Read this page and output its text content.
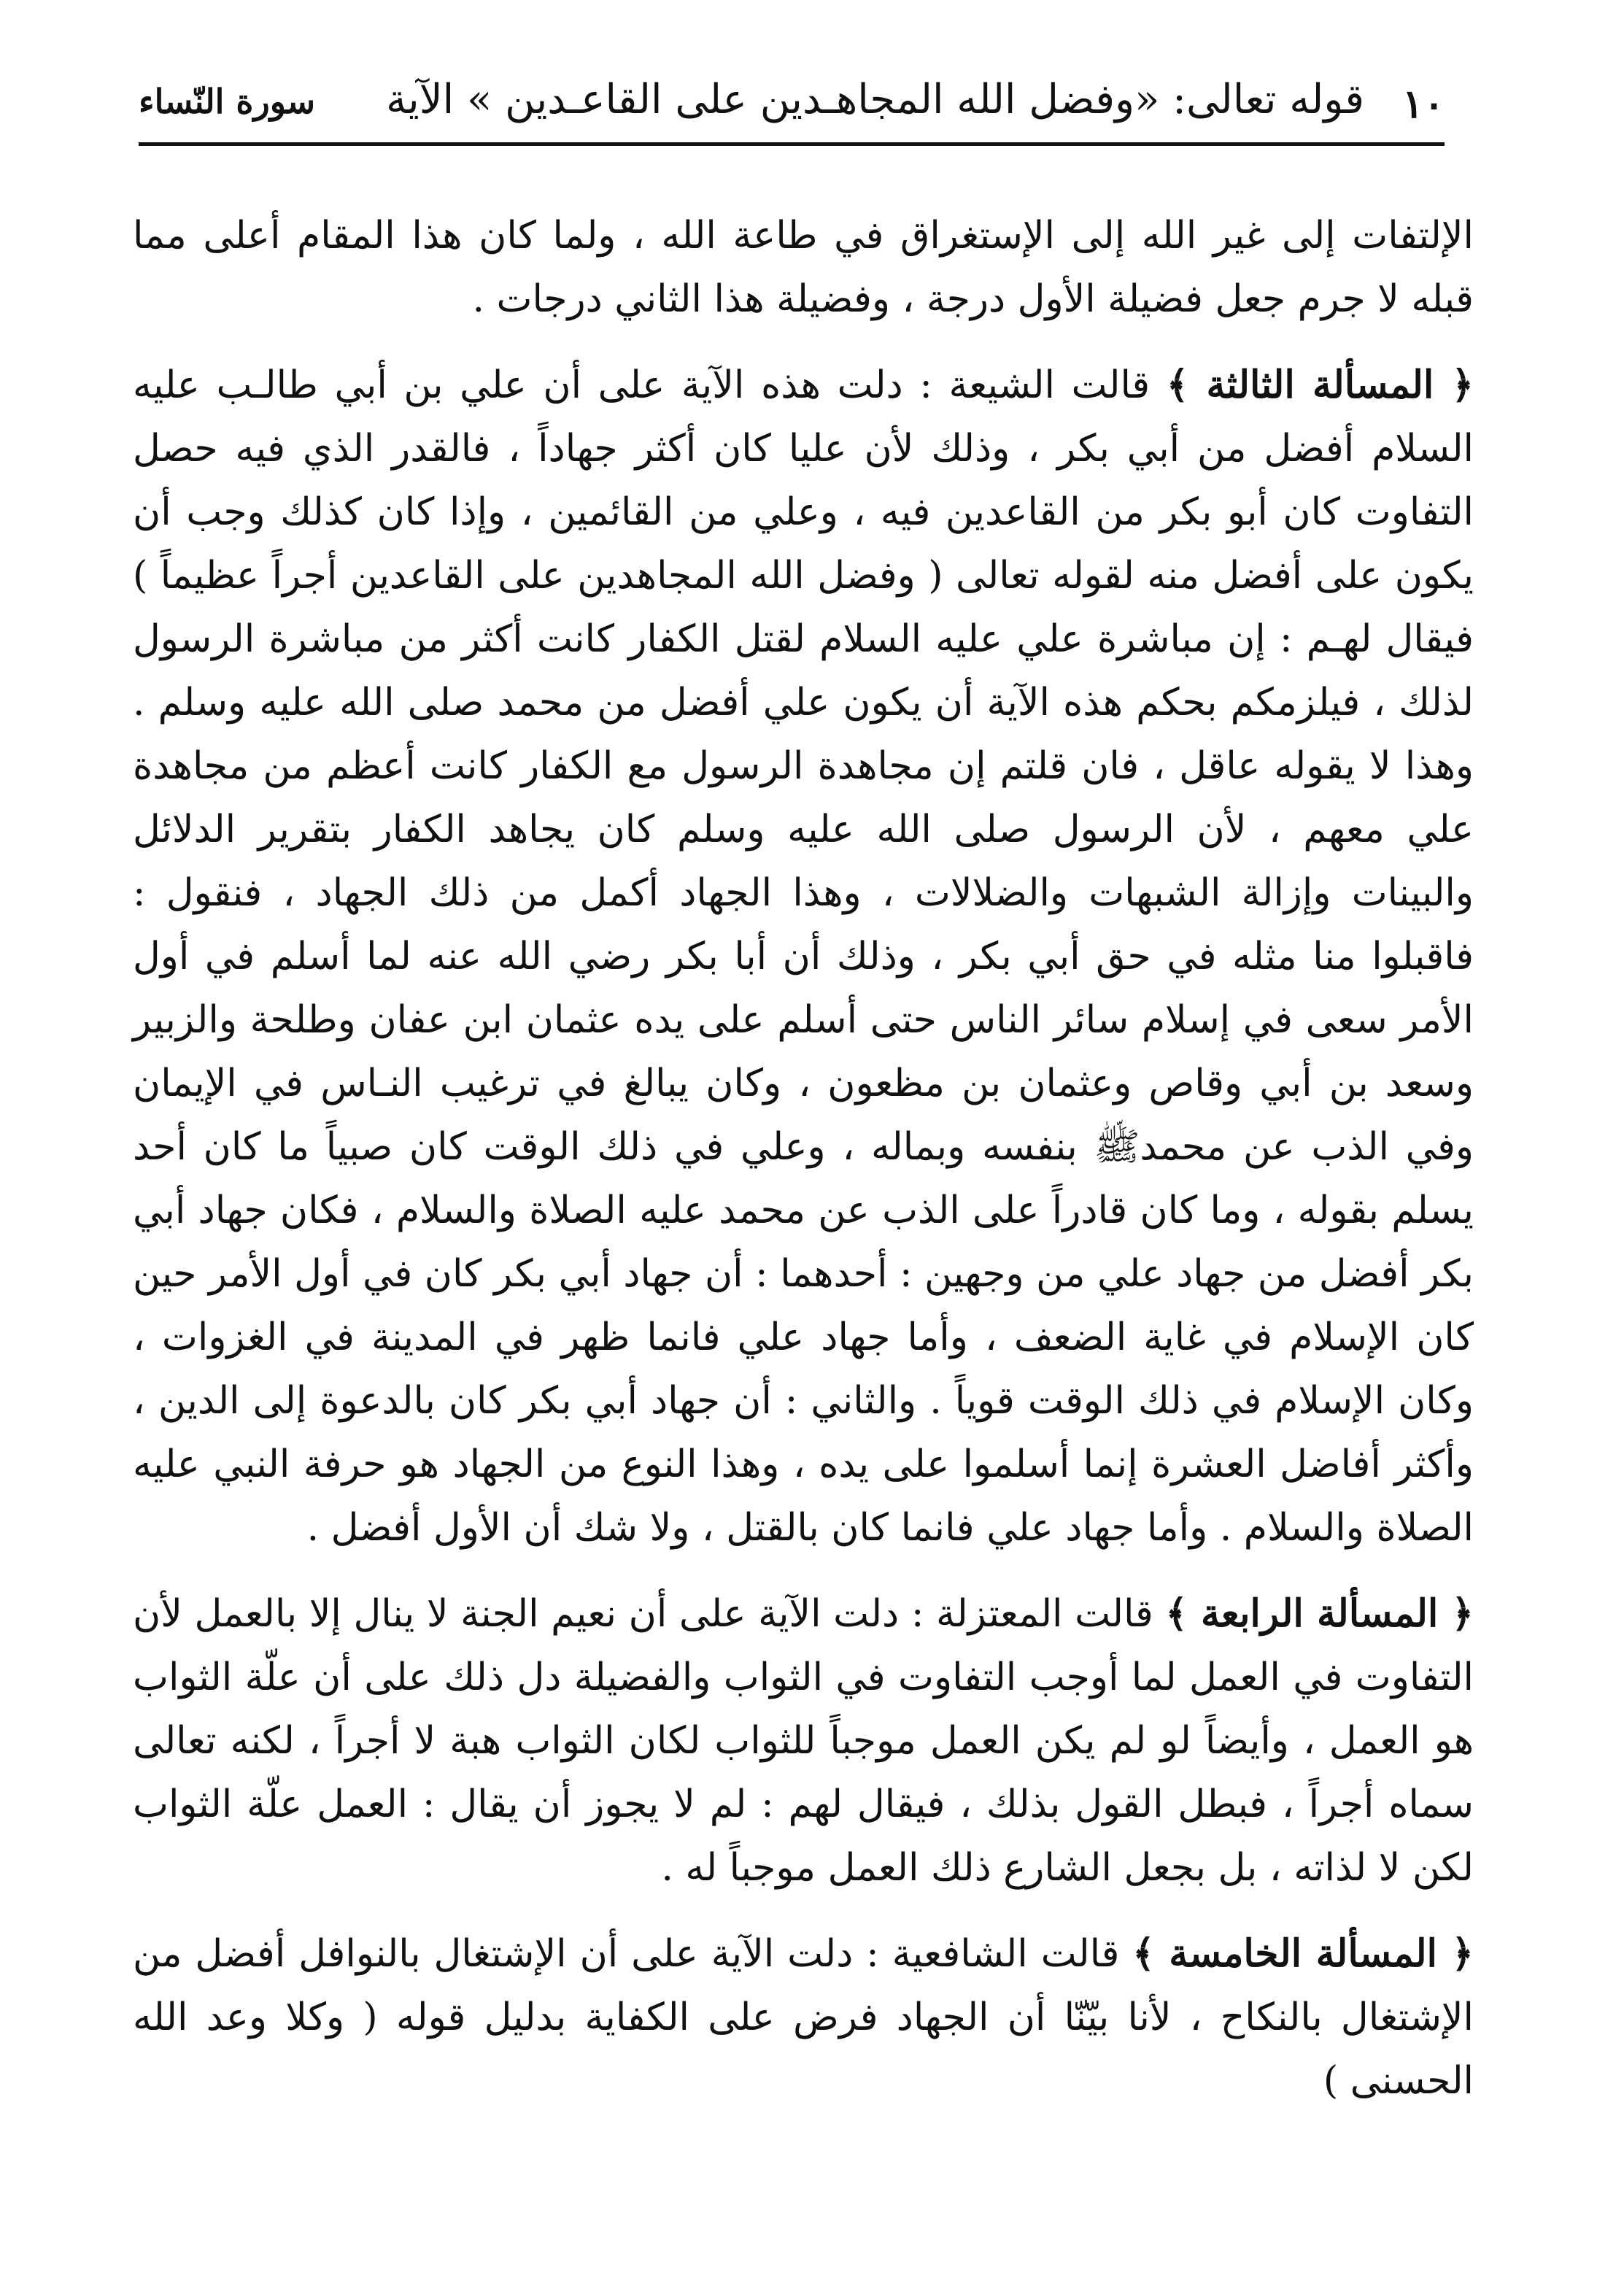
١٠
قوله تعالى: «وفضل الله المجاهـدين على القاعـدين » الآية
سورة النّساء

الإلتفات إلى غير الله إلى الإستغراق في طاعة الله ، ولما كان هذا المقام أعلى مما قبله لا جرم جعل فضيلة الأول درجة ، وفضيلة هذا الثاني درجات .

﴿ المسألة الثالثة ﴾ قالت الشيعة : دلت هذه الآية على أن علي بن أبي طالـب عليه السلام أفضل من أبي بكر ، وذلك لأن عليا كان أكثر جهاداً ، فالقدر الذي فيه حصل التفاوت كان أبو بكر من القاعدين فيه ، وعلي من القائمين ، وإذا كان كذلك وجب أن يكون على أفضل منه لقوله تعالى ( وفضل الله المجاهدين على القاعدين أجراً عظيماً ) فيقال لهـم : إن مباشرة علي عليه السلام لقتل الكفار كانت أكثر من مباشرة الرسول لذلك ، فيلزمكم بحكم هذه الآية أن يكون علي أفضل من محمد صلى الله عليه وسلم . وهذا لا يقوله عاقل ، فان قلتم إن مجاهدة الرسول مع الكفار كانت أعظم من مجاهدة علي معهم ، لأن الرسول صلى الله عليه وسلم كان يجاهد الكفار بتقرير الدلائل والبينات وإزالة الشبهات والضلالات ، وهذا الجهاد أكمل من ذلك الجهاد ، فنقول : فاقبلوا منا مثله في حق أبي بكر ، وذلك أن أبا بكر رضي الله عنه لما أسلم في أول الأمر سعى في إسلام سائر الناس حتى أسلم على يده عثمان ابن عفان وطلحة والزبير وسعد بن أبي وقاص وعثمان بن مظعون ، وكان يبالغ في ترغيب النـاس في الإيمان وفي الذب عن محمدﷺ بنفسه وبماله ، وعلي في ذلك الوقت كان صبياً ما كان أحد يسلم بقوله ، وما كان قادراً على الذب عن محمد عليه الصلاة والسلام ، فكان جهاد أبي بكر أفضل من جهاد علي من وجهين : أحدهما : أن جهاد أبي بكر كان في أول الأمر حين كان الإسلام في غاية الضعف ، وأما جهاد علي فانما ظهر في المدينة في الغزوات ، وكان الإسلام في ذلك الوقت قوياً . والثاني : أن جهاد أبي بكر كان بالدعوة إلى الدين ، وأكثر أفاضل العشرة إنما أسلموا على يده ، وهذا النوع من الجهاد هو حرفة النبي عليه الصلاة والسلام . وأما جهاد علي فانما كان بالقتل ، ولا شك أن الأول أفضل .

﴿ المسألة الرابعة ﴾ قالت المعتزلة : دلت الآية على أن نعيم الجنة لا ينال إلا بالعمل لأن التفاوت في العمل لما أوجب التفاوت في الثواب والفضيلة دل ذلك على أن علّة الثواب هو العمل ، وأيضاً لو لم يكن العمل موجباً للثواب لكان الثواب هبة لا أجراً ، لكنه تعالى سماه أجراً ، فبطل القول بذلك ، فيقال لهم : لم لا يجوز أن يقال : العمل علّة الثواب لكن لا لذاته ، بل بجعل الشارع ذلك العمل موجباً له .

﴿ المسألة الخامسة ﴾ قالت الشافعية : دلت الآية على أن الإشتغال بالنوافل أفضل من الإشتغال بالنكاح ، لأنا بيّنّا أن الجهاد فرض على الكفاية بدليل قوله ( وكلا وعد الله الحسنى )
